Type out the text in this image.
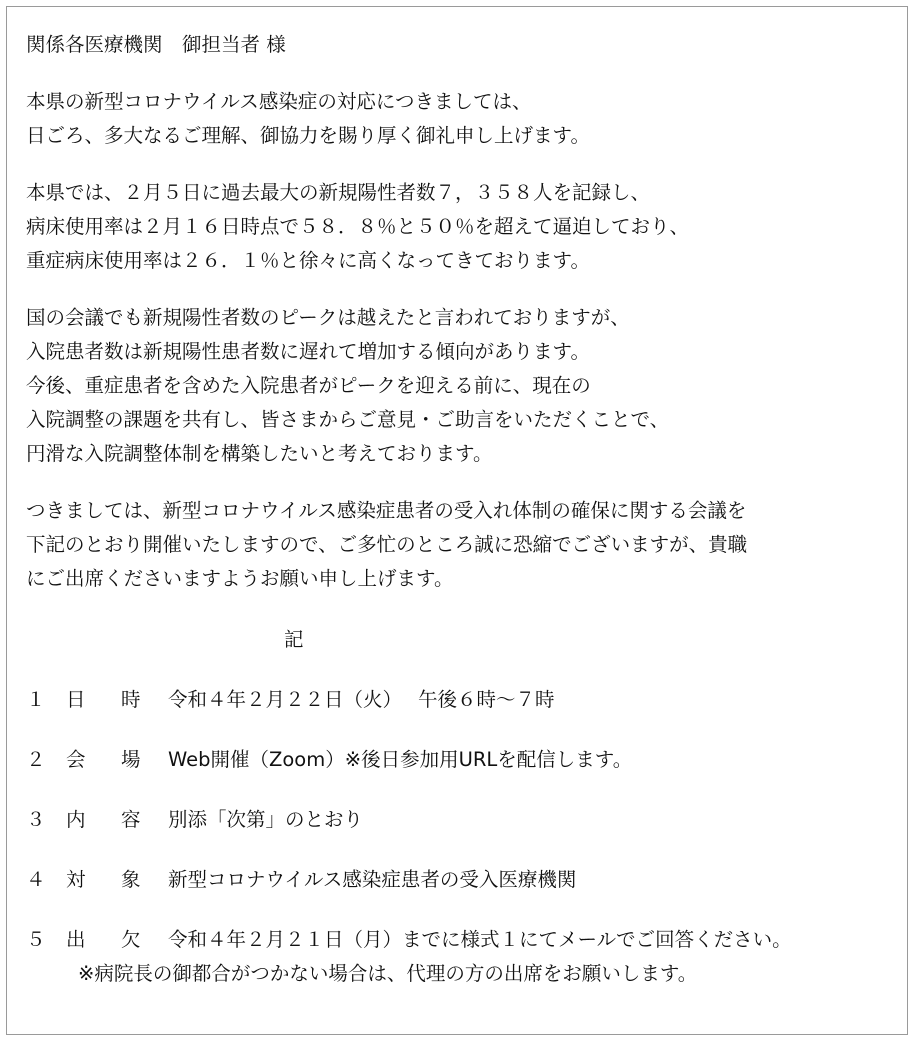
関係各医療機関　御担当者 様
本県の新型コロナウイルス感染症の対応につきましては、
日ごろ、多大なるご理解、御協力を賜り厚く御礼申し上げます。
本県では、２月５日に過去最大の新規陽性者数７，３５８人を記録し、
病床使用率は２月１６日時点で５８．８％と５０％を超えて逼迫しており、
重症病床使用率は２６．１％と徐々に高くなってきております。
国の会議でも新規陽性者数のピークは越えたと言われておりますが、
入院患者数は新規陽性患者数に遅れて増加する傾向があります。
今後、重症患者を含めた入院患者がピークを迎える前に、現在の
入院調整の課題を共有し、皆さまからご意見・ご助言をいただくことで、
円滑な入院調整体制を構築したいと考えております。
つきましては、新型コロナウイルス感染症患者の受入れ体制の確保に関する会議を
下記のとおり開催いたしますので、ご多忙のところ誠に恐縮でございますが、貴職
にご出席くださいますようお願い申し上げます。
記
１	日 時	令和４年２月２２日（火）　 午後６時〜７時
２	会 場	Web開催（Zoom）※後日参加用URLを配信します。
３	内 容	別添「次第」のとおり
４	対 象	新型コロナウイルス感染症患者の受入医療機関
５	出 欠	令和４年２月２１日（月）までに様式１にてメールでご回答ください。
※病院長の御都合がつかない場合は、代理の方の出席をお願いします。
